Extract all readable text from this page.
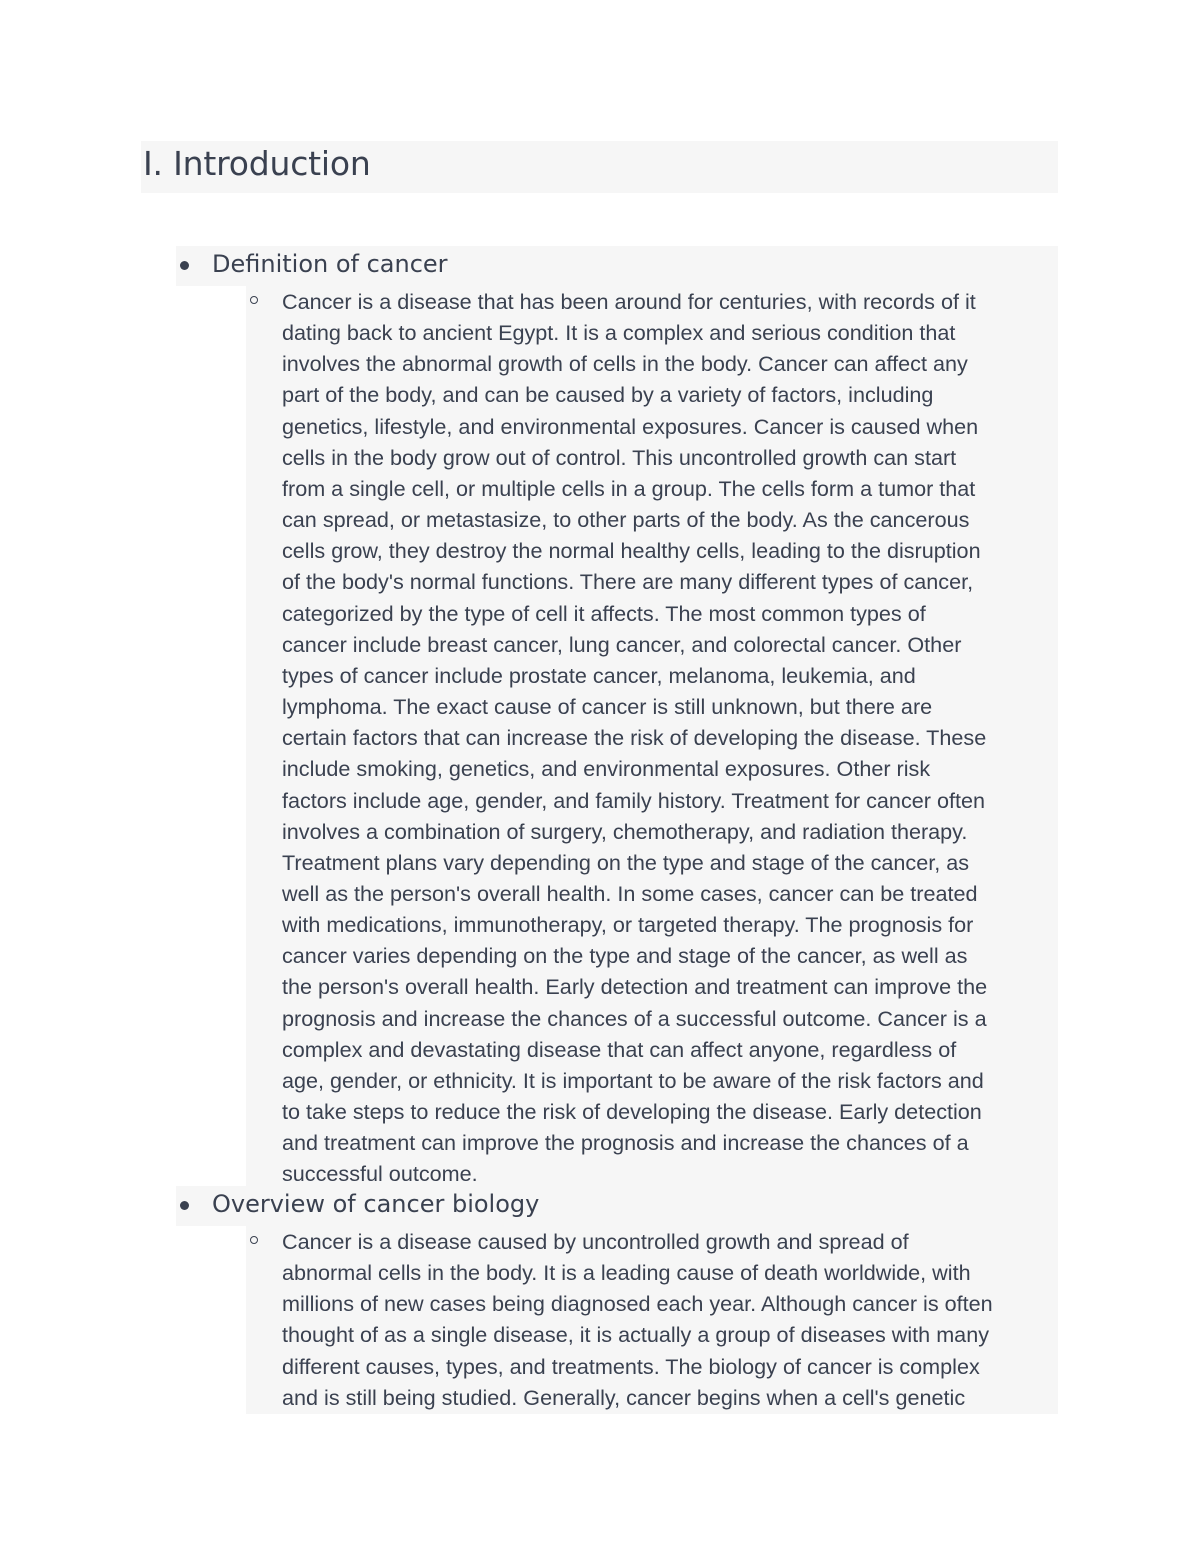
I. Introduction
Definition of cancer

Cancer is a disease that has been around for centuries, with records of it
dating back to ancient Egypt. It is a complex and serious condition that
involves the abnormal growth of cells in the body. Cancer can affect any
part of the body, and can be caused by a variety of factors, including
genetics, lifestyle, and environmental exposures. Cancer is caused when
cells in the body grow out of control. This uncontrolled growth can start
from a single cell, or multiple cells in a group. The cells form a tumor that
can spread, or metastasize, to other parts of the body. As the cancerous
cells grow, they destroy the normal healthy cells, leading to the disruption
of the body's normal functions. There are many different types of cancer,
categorized by the type of cell it affects. The most common types of
cancer include breast cancer, lung cancer, and colorectal cancer. Other
types of cancer include prostate cancer, melanoma, leukemia, and
lymphoma. The exact cause of cancer is still unknown, but there are
certain factors that can increase the risk of developing the disease. These
include smoking, genetics, and environmental exposures. Other risk
factors include age, gender, and family history. Treatment for cancer often
involves a combination of surgery, chemotherapy, and radiation therapy.
Treatment plans vary depending on the type and stage of the cancer, as
well as the person's overall health. In some cases, cancer can be treated
with medications, immunotherapy, or targeted therapy. The prognosis for
cancer varies depending on the type and stage of the cancer, as well as
the person's overall health. Early detection and treatment can improve the
prognosis and increase the chances of a successful outcome. Cancer is a
complex and devastating disease that can affect anyone, regardless of
age, gender, or ethnicity. It is important to be aware of the risk factors and
to take steps to reduce the risk of developing the disease. Early detection
and treatment can improve the prognosis and increase the chances of a
successful outcome.

Overview of cancer biology

Cancer is a disease caused by uncontrolled growth and spread of
abnormal cells in the body. It is a leading cause of death worldwide, with
millions of new cases being diagnosed each year. Although cancer is often
thought of as a single disease, it is actually a group of diseases with many
different causes, types, and treatments. The biology of cancer is complex
and is still being studied. Generally, cancer begins when a cell's genetic
